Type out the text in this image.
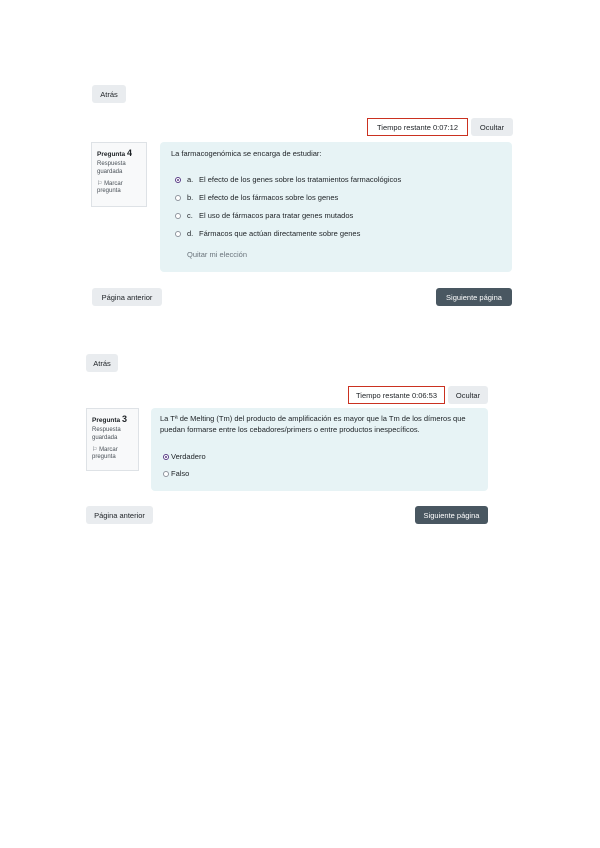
Atrás
Tiempo restante 0:07:12	Ocultar
Pregunta 4
Respuesta guardada
⚐ Marcar pregunta
La farmacogenómica se encarga de estudiar:
a. El efecto de los genes sobre los tratamientos farmacológicos
b. El efecto de los fármacos sobre los genes
c. El uso de fármacos para tratar genes mutados
d. Fármacos que actúan directamente sobre genes
Quitar mi elección
Página anterior	Siguiente página
Atrás
Tiempo restante 0:06:53	Ocultar
Pregunta 3
Respuesta guardada
⚐ Marcar pregunta
La Tª de Melting (Tm) del producto de amplificación es mayor que la Tm de los dímeros que puedan formarse entre los cebadores/primers o entre productos inespecíficos.
Verdadero
Falso
Página anterior	Siguiente página
